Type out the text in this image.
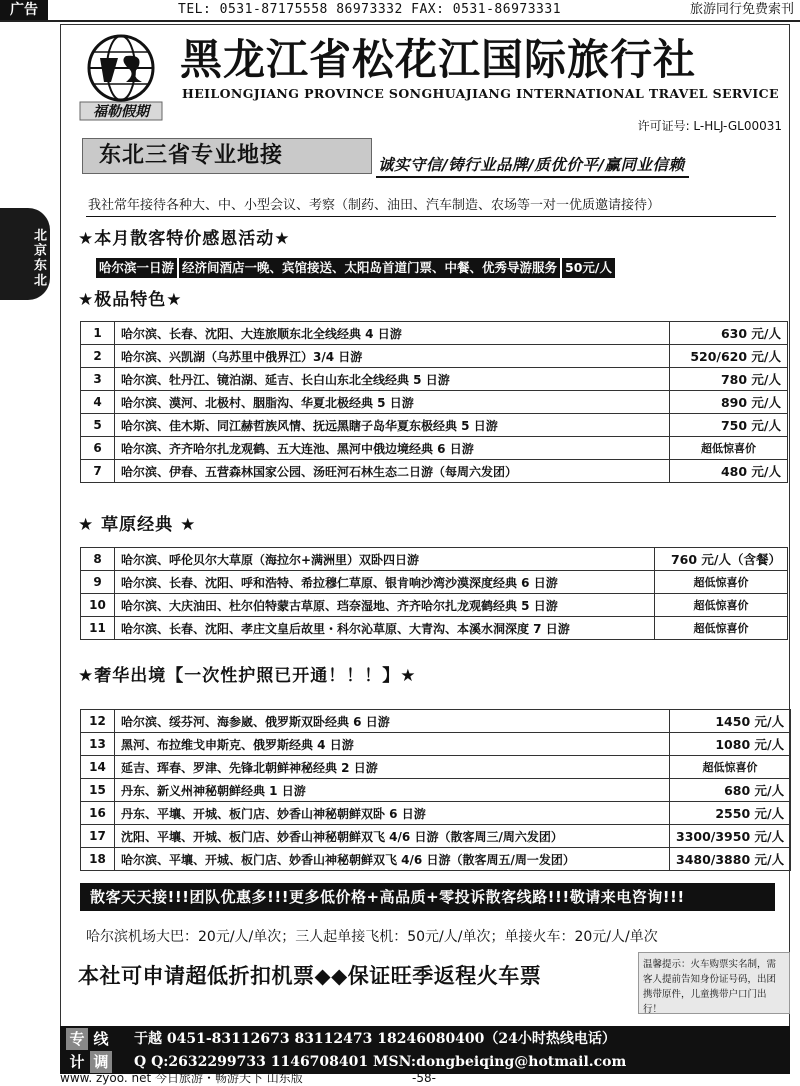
广告	TEL: 0531-87175558 86973332 FAX: 0531-86973331	旅游同行免费索刊
北京东北
福勒假期
黑龙江省松花江国际旅行社
HEILONGJIANG PROVINCE SONGHUAJIANG INTERNATIONAL TRAVEL SERVICE
许可证号: L-HLJ-GL00031
东北三省专业地接	诚实守信/铸行业品牌/质优价平/赢同业信赖
我社常年接待各种大、中、小型会议、考察（制药、油田、汽车制造、农场等一对一优质邀请接待）
★本月散客特价感恩活动★
哈尔滨一日游 经济间酒店一晚、宾馆接送、太阳岛首道门票、中餐、优秀导游服务 50元/人
★极品特色★
1	哈尔滨、长春、沈阳、大连旅顺东北全线经典 4 日游	630 元/人
2	哈尔滨、兴凯湖（乌苏里中俄界江）3/4 日游	520/620 元/人
3	哈尔滨、牡丹江、镜泊湖、延吉、长白山东北全线经典 5 日游	780 元/人
4	哈尔滨、漠河、北极村、胭脂沟、华夏北极经典 5 日游	890 元/人
5	哈尔滨、佳木斯、同江赫哲族风情、抚远黑瞎子岛华夏东极经典 5 日游	750 元/人
6	哈尔滨、齐齐哈尔扎龙观鹤、五大连池、黑河中俄边境经典 6 日游	超低惊喜价
7	哈尔滨、伊春、五营森林国家公园、汤旺河石林生态二日游（每周六发团）	480 元/人
★ 草原经典 ★
8	哈尔滨、呼伦贝尔大草原（海拉尔+满洲里）双卧四日游	760 元/人（含餐）
9	哈尔滨、长春、沈阳、呼和浩特、希拉穆仁草原、银肯响沙湾沙漠深度经典 6 日游	超低惊喜价
10	哈尔滨、大庆油田、杜尔伯特蒙古草原、珰奈湿地、齐齐哈尔扎龙观鹤经典 5 日游	超低惊喜价
11	哈尔滨、长春、沈阳、孝庄文皇后故里・科尔沁草原、大青沟、本溪水洞深度 7 日游	超低惊喜价
★奢华出境【一次性护照已开通！！！】★
12	哈尔滨、绥芬河、海参崴、俄罗斯双卧经典 6 日游	1450 元/人
13	黑河、布拉维戈申斯克、俄罗斯经典 4 日游	1080 元/人
14	延吉、珲春、罗津、先锋北朝鲜神秘经典 2 日游	超低惊喜价
15	丹东、新义州神秘朝鲜经典 1 日游	680 元/人
16	丹东、平壤、开城、板门店、妙香山神秘朝鲜双卧 6 日游	2550 元/人
17	沈阳、平壤、开城、板门店、妙香山神秘朝鲜双飞 4/6 日游（散客周三/周六发团）	3300/3950 元/人
18	哈尔滨、平壤、开城、板门店、妙香山神秘朝鲜双飞 4/6 日游（散客周五/周一发团）	3480/3880 元/人
散客天天接!!!团队优惠多!!!更多低价格+高品质+零投诉散客线路!!!敬请来电咨询!!!
哈尔滨机场大巴：20元/人/单次；三人起单接飞机：50元/人/单次；单接火车：20元/人/单次
本社可申请超低折扣机票◆◆保证旺季返程火车票	温馨提示：火车购票实名制，需客人提前告知身份证号码，出团携带原件，儿童携带户口门出行！
专 线
计 调
于越 0451-83112673 83112473 18246080400（24小时热线电话）
Q Q:2632299733 1146708401 MSN:dongbeiqing@hotmail.com
www. zyoo. net 今日旅游・畅游天下 山东版	-58-
